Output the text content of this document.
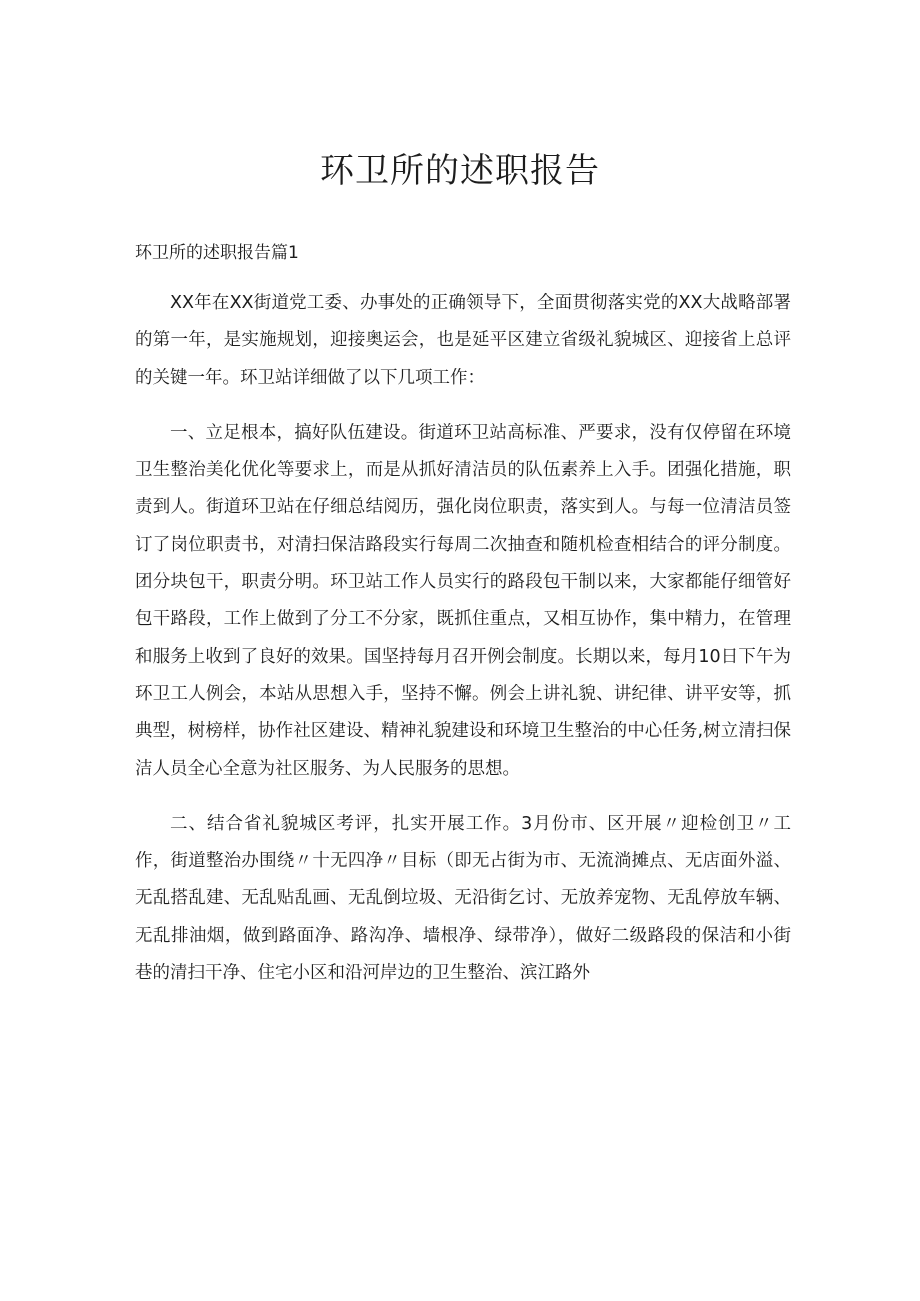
环卫所的述职报告
环卫所的述职报告篇1

XX年在XX街道党工委、办事处的正确领导下，全面贯彻落实党的XX大战略部署的第一年，是实施规划，迎接奥运会，也是延平区建立省级礼貌城区、迎接省上总评的关键一年。环卫站详细做了以下几项工作：

一、立足根本，搞好队伍建设。街道环卫站高标准、严要求，没有仅停留在环境卫生整治美化优化等要求上，而是从抓好清洁员的队伍素养上入手。团强化措施，职责到人。街道环卫站在仔细总结阅历，强化岗位职责，落实到人。与每一位清洁员签订了岗位职责书，对清扫保洁路段实行每周二次抽查和随机检查相结合的评分制度。团分块包干，职责分明。环卫站工作人员实行的路段包干制以来，大家都能仔细管好包干路段，工作上做到了分工不分家，既抓住重点，又相互协作，集中精力，在管理和服务上收到了良好的效果。国坚持每月召开例会制度。长期以来，每月10日下午为环卫工人例会，本站从思想入手，坚持不懈。例会上讲礼貌、讲纪律、讲平安等，抓典型，树榜样，协作社区建设、精神礼貌建设和环境卫生整治的中心任务,树立清扫保洁人员全心全意为社区服务、为人民服务的思想。

二、结合省礼貌城区考评，扎实开展工作。3月份市、区开展〃迎检创卫〃工作，街道整治办围绕〃十无四净〃目标（即无占街为市、无流淌摊点、无店面外溢、无乱搭乱建、无乱贴乱画、无乱倒垃圾、无沿街乞讨、无放养宠物、无乱停放车辆、无乱排油烟，做到路面净、路沟净、墙根净、绿带净），做好二级路段的保洁和小街巷的清扫干净、住宅小区和沿河岸边的卫生整治、滨江路外
